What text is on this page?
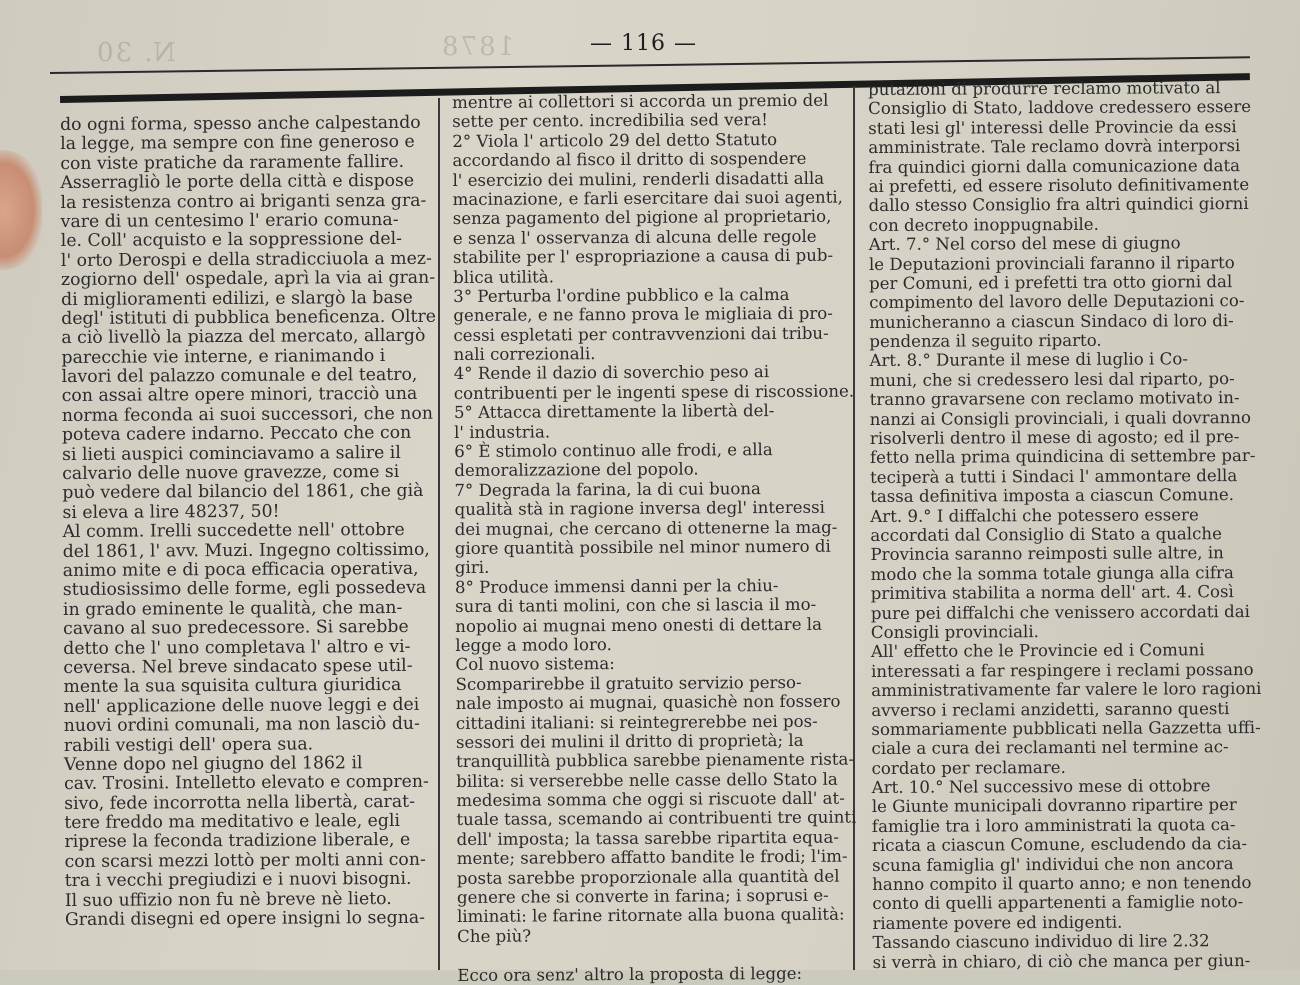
N. 30	1878	— 116 —
do ogni forma, spesso anche calpestando
la legge, ma sempre con fine generoso e
con viste pratiche da raramente fallire.
Asserragliò le porte della città e dispose
la resistenza contro ai briganti senza gra-
vare di un centesimo l' erario comuna-
le. Coll' acquisto e la soppressione del-
l' orto Derospi e della stradicciuola a mez-
zogiorno dell' ospedale, aprì la via ai gran-
di miglioramenti edilizi, e slargò la base
degl' istituti di pubblica beneficenza. Oltre
a ciò livellò la piazza del mercato, allargò
parecchie vie interne, e rianimando i
lavori del palazzo comunale e del teatro,
con assai altre opere minori, tracciò una
norma feconda ai suoi successori, che non
poteva cadere indarno. Peccato che con
si lieti auspici cominciavamo a salire il
calvario delle nuove gravezze, come si
può vedere dal bilancio del 1861, che già
si eleva a lire 48237, 50!
Al comm. Irelli succedette nell' ottobre
del 1861, l' avv. Muzi. Ingegno coltissimo,
animo mite e di poca efficacia operativa,
studiosissimo delle forme, egli possedeva
in grado eminente le qualità, che man-
cavano al suo predecessore. Si sarebbe
detto che l' uno completava l' altro e vi-
ceversa. Nel breve sindacato spese util-
mente la sua squisita cultura giuridica
nell' applicazione delle nuove leggi e dei
nuovi ordini comunali, ma non lasciò du-
rabili vestigi dell' opera sua.
Venne dopo nel giugno del 1862 il
cav. Trosini. Intelletto elevato e compren-
sivo, fede incorrotta nella libertà, carat-
tere freddo ma meditativo e leale, egli
riprese la feconda tradizione liberale, e
con scarsi mezzi lottò per molti anni con-
tra i vecchi pregiudizi e i nuovi bisogni.
Il suo uffizio non fu nè breve nè lieto.
Grandi disegni ed opere insigni lo segna-
mentre ai collettori si accorda un premio del
sette per cento. incredibilia sed vera!
2° Viola l' articolo 29 del detto Statuto
accordando al fisco il dritto di sospendere
l' esercizio dei mulini, renderli disadatti alla
macinazione, e farli esercitare dai suoi agenti,
senza pagamento del pigione al proprietario,
e senza l' osservanza di alcuna delle regole
stabilite per l' espropriazione a causa di pub-
blica utilità.
3° Perturba l'ordine pubblico e la calma
generale, e ne fanno prova le migliaia di pro-
cessi espletati per contravvenzioni dai tribu-
nali correzionali.
4° Rende il dazio di soverchio peso ai
contribuenti per le ingenti spese di riscossione.
5° Attacca direttamente la libertà del-
l' industria.
6° È stimolo continuo alle frodi, e alla
demoralizzazione del popolo.
7° Degrada la farina, la di cui buona
qualità stà in ragione inversa degl' interessi
dei mugnai, che cercano di ottenerne la mag-
giore quantità possibile nel minor numero di
giri.
8° Produce immensi danni per la chiu-
sura di tanti molini, con che si lascia il mo-
nopolio ai mugnai meno onesti di dettare la
legge a modo loro.
Col nuovo sistema:
Scomparirebbe il gratuito servizio perso-
nale imposto ai mugnai, quasichè non fossero
cittadini italiani: si reintegrerebbe nei pos-
sessori dei mulini il dritto di proprietà; la
tranquillità pubblica sarebbe pienamente rista-
bilita: si verserebbe nelle casse dello Stato la
medesima somma che oggi si riscuote dall' at-
tuale tassa, scemando ai contribuenti tre quinti
dell' imposta; la tassa sarebbe ripartita equa-
mente; sarebbero affatto bandite le frodi; l'im-
posta sarebbe proporzionale alla quantità del
genere che si converte in farina; i soprusi e-
liminati: le farine ritornate alla buona qualità:
Che più?
Ecco ora senz' altro la proposta di legge:
putazioni di produrre reclamo motivato al
Consiglio di Stato, laddove credessero essere
stati lesi gl' interessi delle Provincie da essi
amministrate. Tale reclamo dovrà interporsi
fra quindici giorni dalla comunicazione data
ai prefetti, ed essere risoluto definitivamente
dallo stesso Consiglio fra altri quindici giorni
con decreto inoppugnabile.
Art. 7.° Nel corso del mese di giugno
le Deputazioni provinciali faranno il riparto
per Comuni, ed i prefetti tra otto giorni dal
compimento del lavoro delle Deputazioni co-
municheranno a ciascun Sindaco di loro di-
pendenza il seguito riparto.
Art. 8.° Durante il mese di luglio i Co-
muni, che si credessero lesi dal riparto, po-
tranno gravarsene con reclamo motivato in-
nanzi ai Consigli provinciali, i quali dovranno
risolverli dentro il mese di agosto; ed il pre-
fetto nella prima quindicina di settembre par-
teciperà a tutti i Sindaci l' ammontare della
tassa definitiva imposta a ciascun Comune.
Art. 9.° I diffalchi che potessero essere
accordati dal Consiglio di Stato a qualche
Provincia saranno reimposti sulle altre, in
modo che la somma totale giunga alla cifra
primitiva stabilita a norma dell' art. 4. Così
pure pei diffalchi che venissero accordati dai
Consigli provinciali.
All' effetto che le Provincie ed i Comuni
interessati a far respingere i reclami possano
amministrativamente far valere le loro ragioni
avverso i reclami anzidetti, saranno questi
sommariamente pubblicati nella Gazzetta uffi-
ciale a cura dei reclamanti nel termine ac-
cordato per reclamare.
Art. 10.° Nel successivo mese di ottobre
le Giunte municipali dovranno ripartire per
famiglie tra i loro amministrati la quota ca-
ricata a ciascun Comune, escludendo da cia-
scuna famiglia gl' individui che non ancora
hanno compito il quarto anno; e non tenendo
conto di quelli appartenenti a famiglie noto-
riamente povere ed indigenti.
Tassando ciascuno individuo di lire 2.32
si verrà in chiaro, di ciò che manca per giun-
